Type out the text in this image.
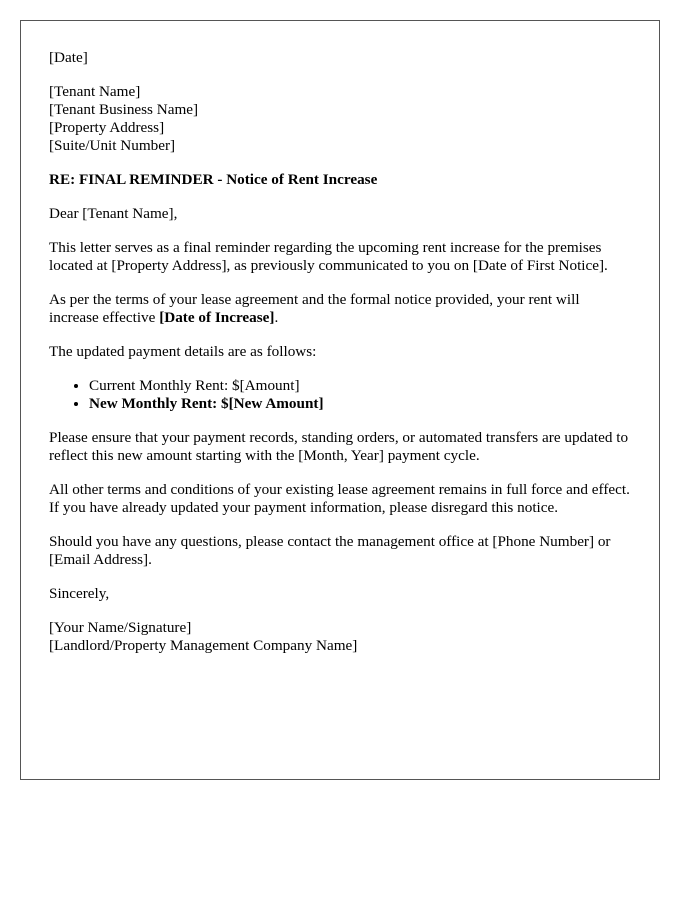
[Date]
[Tenant Name]
[Tenant Business Name]
[Property Address]
[Suite/Unit Number]

RE: FINAL REMINDER - Notice of Rent Increase

Dear [Tenant Name],

This letter serves as a final reminder regarding the upcoming rent increase for the premises located at [Property Address], as previously communicated to you on [Date of First Notice].

As per the terms of your lease agreement and the formal notice provided, your rent will increase effective [Date of Increase].

The updated payment details are as follows:

• Current Monthly Rent: $[Amount]
• New Monthly Rent: $[New Amount]

Please ensure that your payment records, standing orders, or automated transfers are updated to reflect this new amount starting with the [Month, Year] payment cycle.

All other terms and conditions of your existing lease agreement remains in full force and effect. If you have already updated your payment information, please disregard this notice.

Should you have any questions, please contact the management office at [Phone Number] or [Email Address].

Sincerely,

[Your Name/Signature]
[Landlord/Property Management Company Name]
